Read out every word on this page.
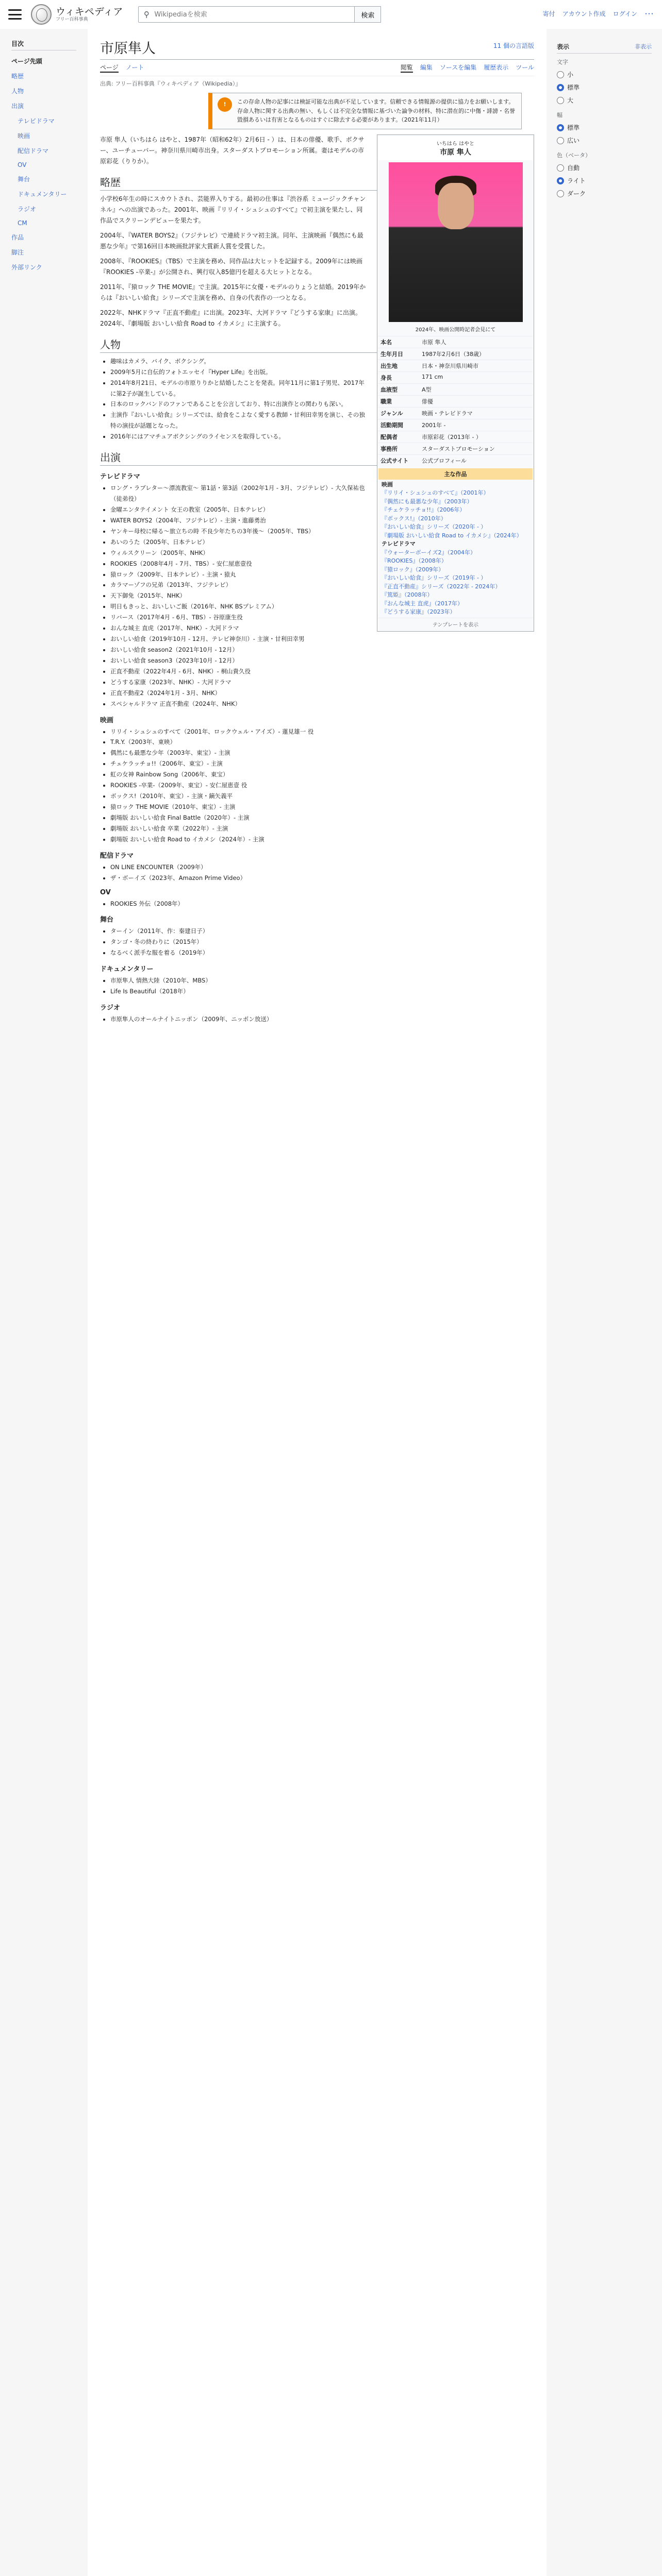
ウィキペディア
フリー百科事典
⚲
Wikipediaを検索	検索	寄付 アカウント作成 ログイン ･･･
目次
ページ先頭
略歴
人物
出演
テレビドラマ
映画
配信ドラマ
OV
舞台
ドキュメンタリー
ラジオ
CM
作品
脚注
外部リンク
市原隼人	11 個の言語版
ページ ノート	閲覧 編集 ソースを編集 履歴表示 ツール
出典: フリー百科事典『ウィキペディア（Wikipedia）』
!	この存命人物の記事には検証可能な出典が不足しています。信頼できる情報源の提供に協力をお願いします。存命人物に関する出典の無い、もしくは不完全な情報に基づいた論争の材料、特に潜在的に中傷・誹謗・名誉毀損あるいは有害となるものはすぐに除去する必要があります。（2021年11月）
いちはら はやと
市原 隼人
2024年、映画公開時記者会見にて
本名	市原 隼人
生年月日	1987年2月6日（38歳）
出生地	日本・神奈川県川崎市
身長	171 cm
血液型	A型
職業	俳優
ジャンル	映画・テレビドラマ
活動期間	2001年 -
配偶者	市原彩花（2013年 - ）
事務所	スターダストプロモーション
公式サイト	公式プロフィール
主な作品
映画
『リリイ・シュシュのすべて』（2001年）
『偶然にも最悪な少年』（2003年）
『チェケラッチョ!!』（2006年）
『ボックス!』（2010年）
『おいしい給食』シリーズ（2020年 - ）
『劇場版 おいしい給食 Road to イカメシ』（2024年）
テレビドラマ
『ウォーターボーイズ2』（2004年）
『ROOKIES』（2008年）
『猿ロック』（2009年）
『おいしい給食』シリーズ（2019年 - ）
『正直不動産』シリーズ（2022年 - 2024年）
『篤姫』（2008年）
『おんな城主 直虎』（2017年）
『どうする家康』（2023年）
テンプレートを表示
市原 隼人（いちはら はやと、1987年（昭和62年）2月6日 - ）は、日本の俳優、歌手、ボクサー、ユーチューバー。神奈川県川崎市出身。スターダストプロモーション所属。妻はモデルの市原彩花（りりか）。
略歴

小学校6年生の時にスカウトされ、芸能界入りする。最初の仕事は『渋谷系 ミュージックチャンネル』への出演であった。2001年、映画『リリイ・シュシュのすべて』で初主演を果たし、同作品でスクリーンデビューを果たす。

2004年、『WATER BOYS2』（フジテレビ）で連続ドラマ初主演。同年、主演映画『偶然にも最悪な少年』で第16回日本映画批評家大賞新人賞を受賞した。

2008年、『ROOKIES』（TBS）で主演を務め、同作品は大ヒットを記録する。2009年には映画『ROOKIES -卒業-』が公開され、興行収入85億円を超える大ヒットとなる。

2011年、『猿ロック THE MOVIE』で主演。2015年に女優・モデルのりょうと結婚。2019年からは『おいしい給食』シリーズで主演を務め、自身の代表作の一つとなる。

2022年、NHKドラマ『正直不動産』に出演。2023年、大河ドラマ『どうする家康』に出演。2024年、『劇場版 おいしい給食 Road to イカメシ』に主演する。

人物
• 趣味はカメラ、バイク、ボクシング。
• 2009年5月に自伝的フォトエッセイ『Hyper Life』を出版。
• 2014年8月21日、モデルの市原りりかと結婚したことを発表。同年11月に第1子男児、2017年に第2子が誕生している。
• 日本のロックバンドのファンであることを公言しており、特に出演作との関わりも深い。
• 主演作『おいしい給食』シリーズでは、給食をこよなく愛する教師・甘利田幸男を演じ、その独特の演技が話題となった。
• 2016年にはアマチュアボクシングのライセンスを取得している。
出演
テレビドラマ
• ロング・ラブレター〜漂流教室〜 第1話・第3話（2002年1月 - 3月、フジテレビ）- 大久保祐也（徒弟役）
• 金曜エンタテイメント 女王の教室（2005年、日本テレビ）
• WATER BOYS2（2004年、フジテレビ）- 主演・進藤勇治
• ヤンキー母校に帰る〜旅立ちの時 不良少年たちの3年後〜（2005年、TBS）
• あいのうた（2005年、日本テレビ）
• ウィルスクリーン（2005年、NHK）
• ROOKIES（2008年4月 - 7月、TBS）- 安仁屋恵壹役
• 猿ロック（2009年、日本テレビ）- 主演・猿丸
• カラマーゾフの兄弟（2013年、フジテレビ）
• 天下御免（2015年、NHK）
• 明日もきっと、おいしいご飯（2016年、NHK BSプレミアム）
• リバース（2017年4月 - 6月、TBS）- 谷原康生役
• おんな城主 直虎（2017年、NHK）- 大河ドラマ
• おいしい給食（2019年10月 - 12月、テレビ神奈川）- 主演・甘利田幸男
• おいしい給食 season2（2021年10月 - 12月）
• おいしい給食 season3（2023年10月 - 12月）
• 正直不動産（2022年4月 - 6月、NHK）- 桐山貴久役
• どうする家康（2023年、NHK）- 大河ドラマ
• 正直不動産2（2024年1月 - 3月、NHK）
• スペシャルドラマ 正直不動産（2024年、NHK）
映画
• リリイ・シュシュのすべて（2001年、ロックウェル・アイズ）- 蓮見雄一 役
• T.R.Y.（2003年、東映）
• 偶然にも最悪な少年（2003年、東宝）- 主演
• チェケラッチョ!!（2006年、東宝）- 主演
• 虹の女神 Rainbow Song（2006年、東宝）
• ROOKIES -卒業-（2009年、東宝）- 安仁屋恵壹 役
• ボックス!（2010年、東宝）- 主演・鏑矢義平
• 猿ロック THE MOVIE（2010年、東宝）- 主演
• 劇場版 おいしい給食 Final Battle（2020年）- 主演
• 劇場版 おいしい給食 卒業（2022年）- 主演
• 劇場版 おいしい給食 Road to イカメシ（2024年）- 主演
配信ドラマ
• ON LINE ENCOUNTER（2009年）
• ザ・ボーイズ（2023年、Amazon Prime Video）
OV
• ROOKIES 外伝（2008年）
舞台
• ターイン（2011年、作：秦建日子）
• タンゴ・冬の終わりに（2015年）
• なるべく派手な服を着る（2019年）
ドキュメンタリー
• 市原隼人 情熱大陸（2010年、MBS）
• Life Is Beautiful（2018年）
ラジオ
• 市原隼人のオールナイトニッポン（2009年、ニッポン放送）
表示	非表示
文字
小
標準
大
幅
標準
広い
色（ベータ）
自動
ライト
ダーク
